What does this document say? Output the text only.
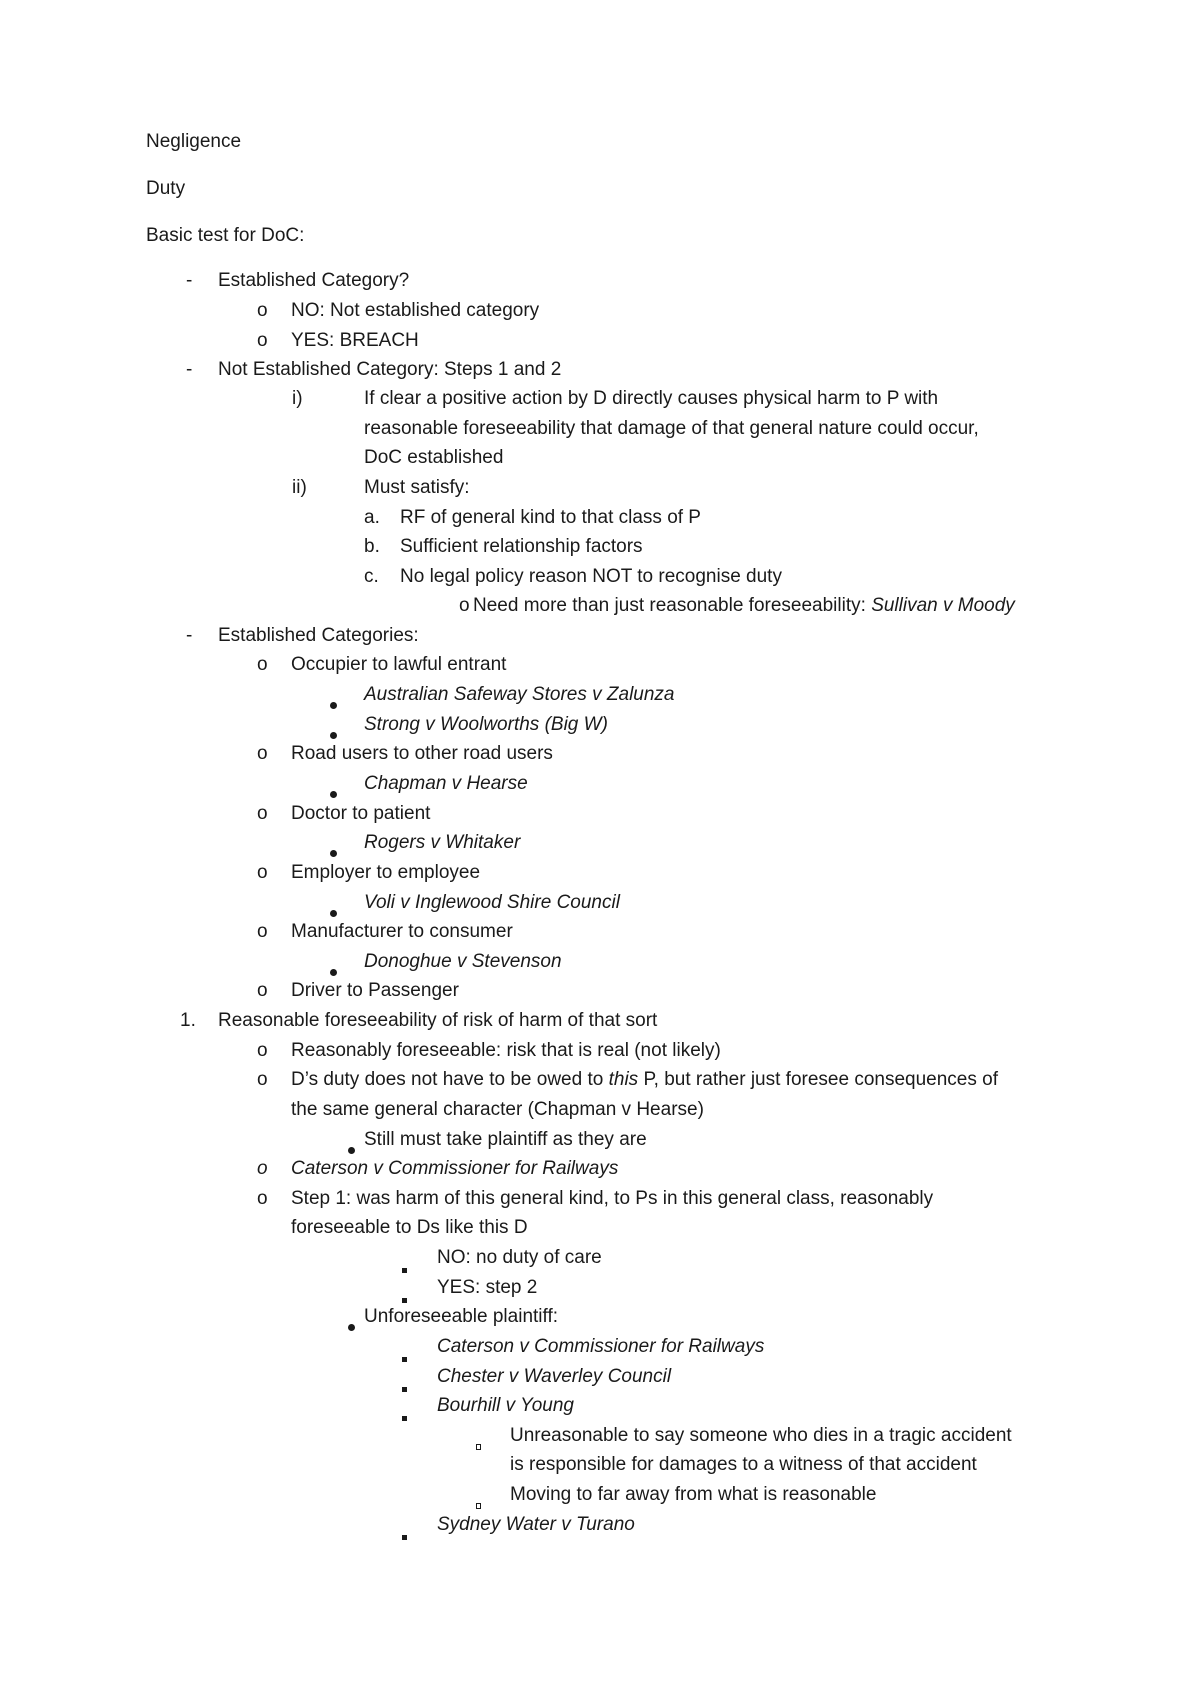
Negligence
Duty
Basic test for DoC:
- Established Category?
o NO: Not established category
o YES: BREACH
- Not Established Category: Steps 1 and 2
i)	If clear a positive action by D directly causes physical harm to P with
reasonable foreseeability that damage of that general nature could occur,
DoC established
ii)	Must satisfy:
a. RF of general kind to that class of P
b. Sufficient relationship factors
c. No legal policy reason NOT to recognise duty
o Need more than just reasonable foreseeability: Sullivan v Moody
- Established Categories:
o Occupier to lawful entrant
Australian Safeway Stores v Zalunza
Strong v Woolworths (Big W)
o Road users to other road users
Chapman v Hearse
o Doctor to patient
Rogers v Whitaker
o Employer to employee
Voli v Inglewood Shire Council
o Manufacturer to consumer
Donoghue v Stevenson
o Driver to Passenger
1. Reasonable foreseeability of risk of harm of that sort
o Reasonably foreseeable: risk that is real (not likely)
o D’s duty does not have to be owed to this P, but rather just foresee consequences of
the same general character (Chapman v Hearse)
Still must take plaintiff as they are
o Caterson v Commissioner for Railways
o Step 1: was harm of this general kind, to Ps in this general class, reasonably
foreseeable to Ds like this D
NO: no duty of care
YES: step 2
Unforeseeable plaintiff:
Caterson v Commissioner for Railways
Chester v Waverley Council
Bourhill v Young
Unreasonable to say someone who dies in a tragic accident
is responsible for damages to a witness of that accident
Moving to far away from what is reasonable
Sydney Water v Turano
